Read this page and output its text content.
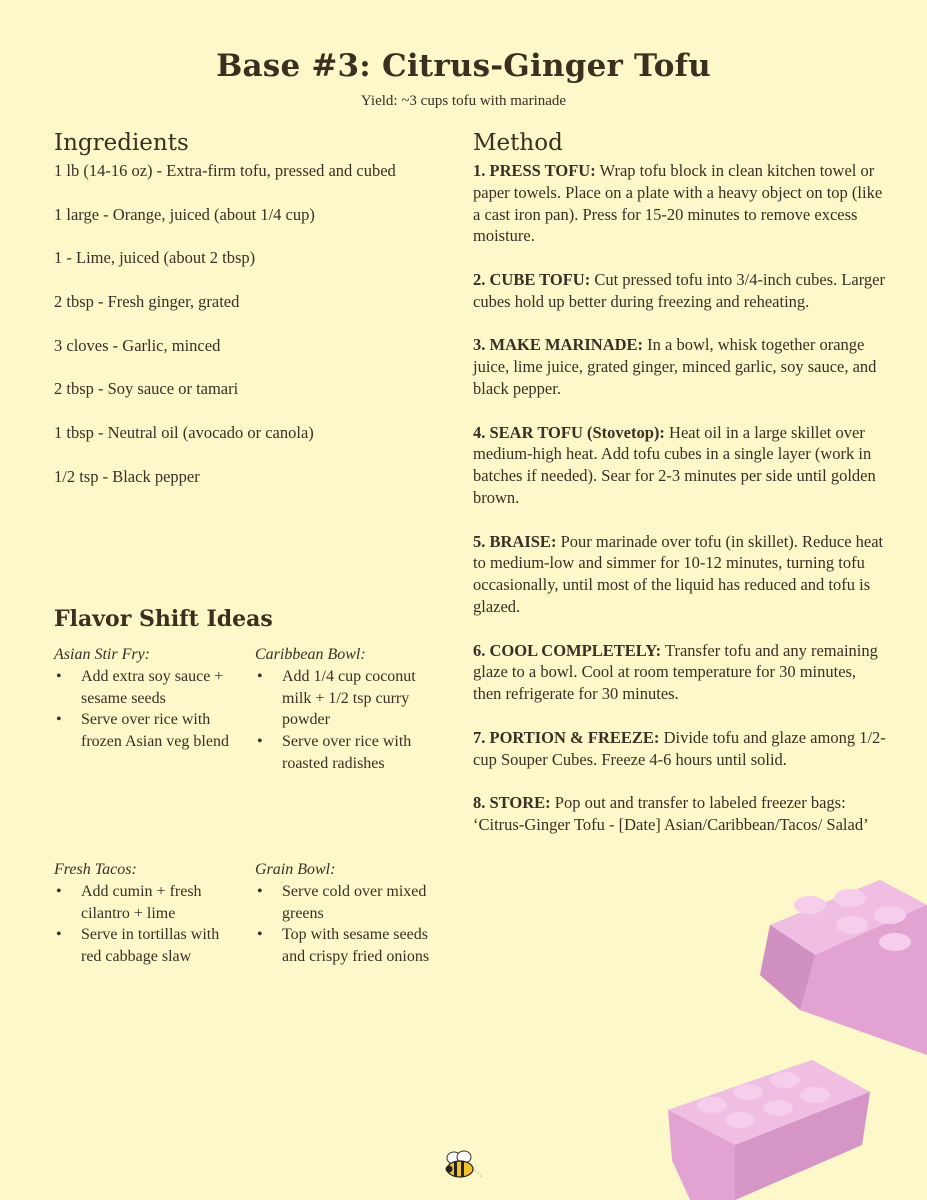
Base #3: Citrus-Ginger Tofu
Yield: ~3 cups tofu with marinade
Ingredients
1 lb (14-16 oz) - Extra-firm tofu, pressed and cubed
1 large - Orange, juiced (about 1/4 cup)
1 - Lime, juiced (about 2 tbsp)
2 tbsp - Fresh ginger, grated
3 cloves - Garlic, minced
2 tbsp - Soy sauce or tamari
1 tbsp - Neutral oil (avocado or canola)
1/2 tsp - Black pepper
Method
1. PRESS TOFU: Wrap tofu block in clean kitchen towel or paper towels. Place on a plate with a heavy object on top (like a cast iron pan). Press for 15-20 minutes to remove excess moisture.
2. CUBE TOFU: Cut pressed tofu into 3/4-inch cubes. Larger cubes hold up better during freezing and reheating.
3. MAKE MARINADE: In a bowl, whisk together orange juice, lime juice, grated ginger, minced garlic, soy sauce, and black pepper.
4. SEAR TOFU (Stovetop): Heat oil in a large skillet over medium-high heat. Add tofu cubes in a single layer (work in batches if needed). Sear for 2-3 minutes per side until golden brown.
5. BRAISE: Pour marinade over tofu (in skillet). Reduce heat to medium-low and simmer for 10-12 minutes, turning tofu occasionally, until most of the liquid has reduced and tofu is glazed.
6. COOL COMPLETELY: Transfer tofu and any remaining glaze to a bowl. Cool at room temperature for 30 minutes, then refrigerate for 30 minutes.
7. PORTION & FREEZE: Divide tofu and glaze among 1/2-cup Souper Cubes. Freeze 4-6 hours until solid.
8. STORE: Pop out and transfer to labeled freezer bags: ‘Citrus-Ginger Tofu - [Date] Asian/Caribbean/Tacos/ Salad’
Flavor Shift Ideas
Asian Stir Fry:
• Add extra soy sauce + sesame seeds
• Serve over rice with frozen Asian veg blend
Caribbean Bowl:
• Add 1/4 cup coconut milk + 1/2 tsp curry powder
• Serve over rice with roasted radishes
Fresh Tacos:
• Add cumin + fresh cilantro + lime
• Serve in tortillas with red cabbage slaw
Grain Bowl:
• Serve cold over mixed greens
• Top with sesame seeds and crispy fried onions
